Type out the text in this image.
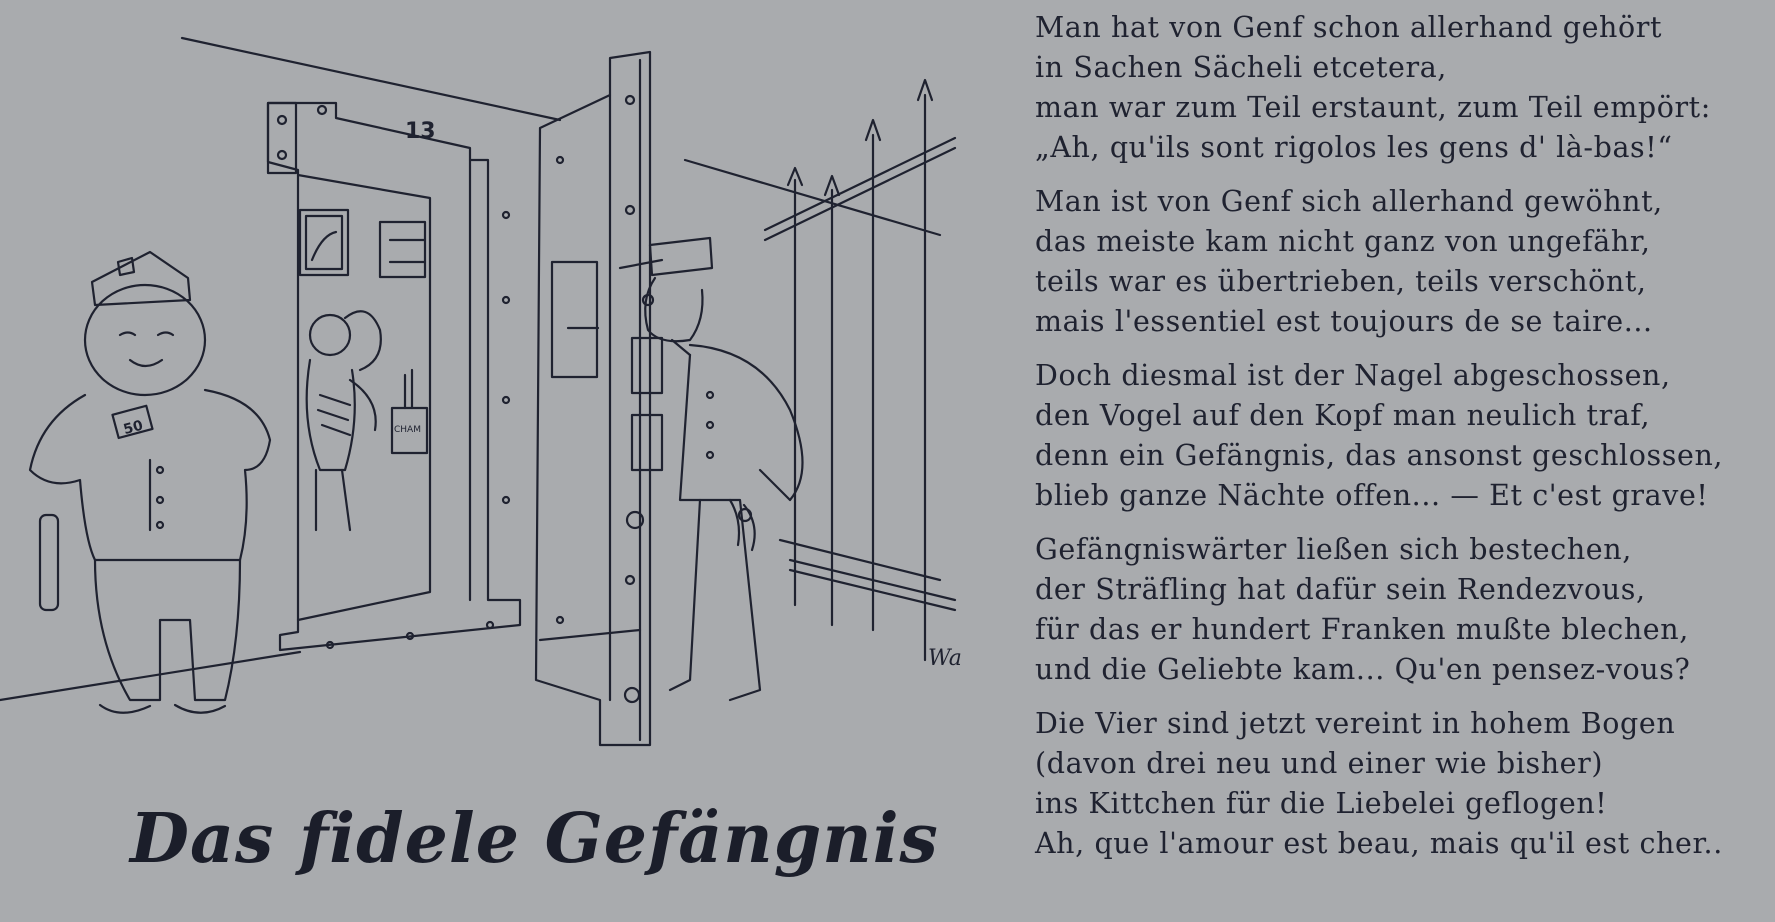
13
CHAM
Wa
50
Das fidele Gefängnis
Man hat von Genf schon allerhand gehört
in Sachen Sächeli etcetera,
man war zum Teil erstaunt, zum Teil empört:
„Ah, qu'ils sont rigolos les gens d' là-bas!“
Man ist von Genf sich allerhand gewöhnt,
das meiste kam nicht ganz von ungefähr,
teils war es übertrieben, teils verschönt,
mais l'essentiel est toujours de se taire...
Doch diesmal ist der Nagel abgeschossen,
den Vogel auf den Kopf man neulich traf,
denn ein Gefängnis, das ansonst geschlossen,
blieb ganze Nächte offen... — Et c'est grave!
Gefängniswärter ließen sich bestechen,
der Sträfling hat dafür sein Rendezvous,
für das er hundert Franken mußte blechen,
und die Geliebte kam... Qu'en pensez-vous?
Die Vier sind jetzt vereint in hohem Bogen
(davon drei neu und einer wie bisher)
ins Kittchen für die Liebelei geflogen!
Ah, que l'amour est beau, mais qu'il est cher..
